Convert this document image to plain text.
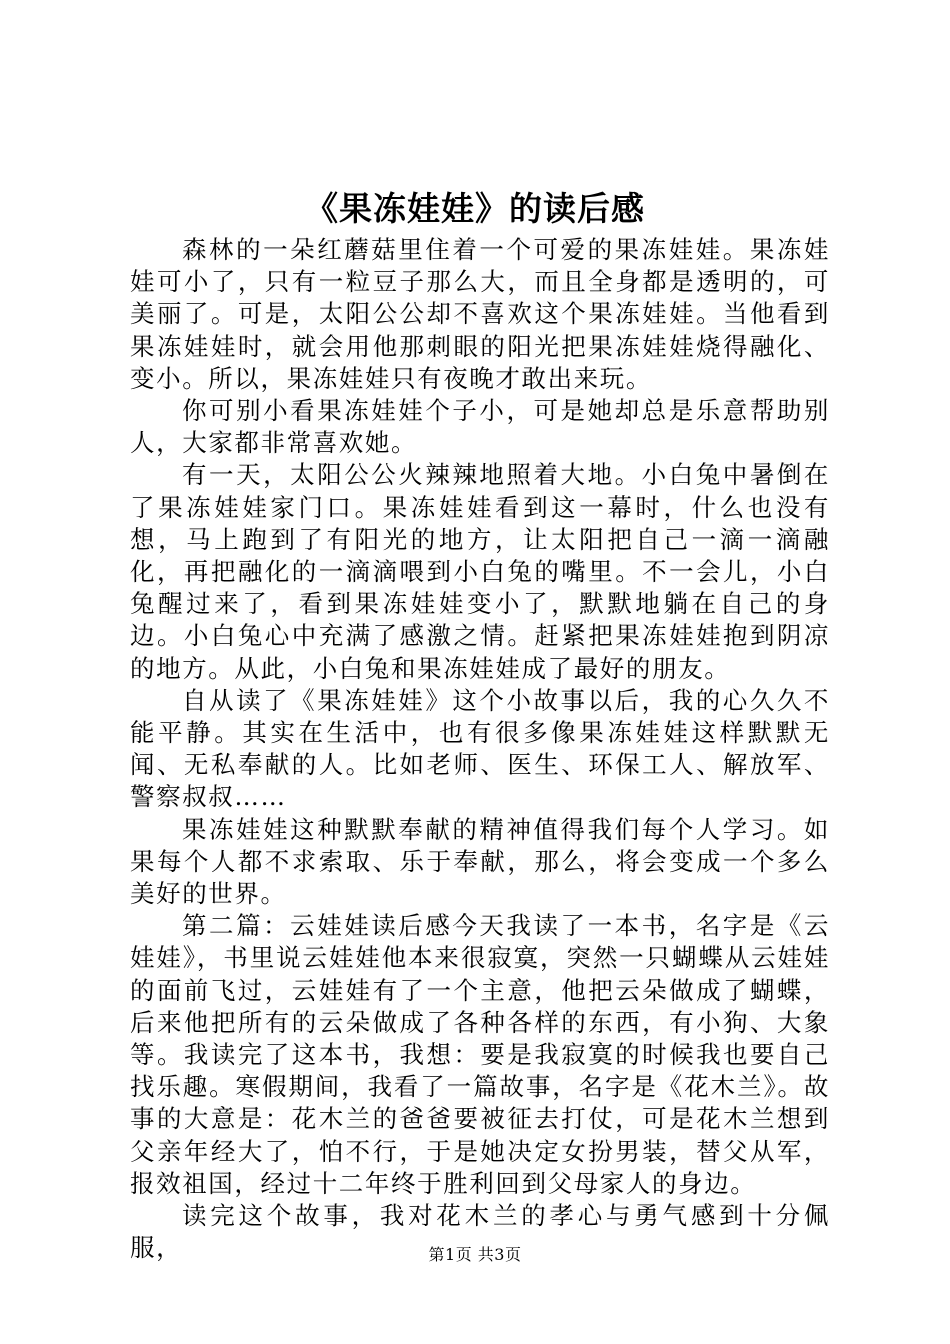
《果冻娃娃》的读后感

森林的一朵红蘑菇里住着一个可爱的果冻娃娃。果冻娃娃可小了，只有一粒豆子那么大，而且全身都是透明的，可美丽了。可是，太阳公公却不喜欢这个果冻娃娃。当他看到果冻娃娃时，就会用他那刺眼的阳光把果冻娃娃烧得融化、变小。所以，果冻娃娃只有夜晚才敢出来玩。

你可别小看果冻娃娃个子小，可是她却总是乐意帮助别人，大家都非常喜欢她。

有一天，太阳公公火辣辣地照着大地。小白兔中暑倒在了果冻娃娃家门口。果冻娃娃看到这一幕时，什么也没有想，马上跑到了有阳光的地方，让太阳把自己一滴一滴融化，再把融化的一滴滴喂到小白兔的嘴里。不一会儿，小白兔醒过来了，看到果冻娃娃变小了，默默地躺在自己的身边。小白兔心中充满了感激之情。赶紧把果冻娃娃抱到阴凉的地方。从此，小白兔和果冻娃娃成了最好的朋友。

自从读了《果冻娃娃》这个小故事以后，我的心久久不能平静。其实在生活中，也有很多像果冻娃娃这样默默无闻、无私奉献的人。比如老师、医生、环保工人、解放军、警察叔叔……

果冻娃娃这种默默奉献的精神值得我们每个人学习。如果每个人都不求索取、乐于奉献，那么，将会变成一个多么美好的世界。

第二篇：云娃娃读后感今天我读了一本书，名字是《云娃娃》，书里说云娃娃他本来很寂寞，突然一只蝴蝶从云娃娃的面前飞过，云娃娃有了一个主意，他把云朵做成了蝴蝶，后来他把所有的云朵做成了各种各样的东西，有小狗、大象等。我读完了这本书，我想：要是我寂寞的时候我也要自己找乐趣。寒假期间，我看了一篇故事，名字是《花木兰》。故事的大意是：花木兰的爸爸要被征去打仗，可是花木兰想到父亲年经大了，怕不行，于是她决定女扮男装，替父从军，报效祖国，经过十二年终于胜利回到父母家人的身边。

读完这个故事，我对花木兰的孝心与勇气感到十分佩服，	第1页 共3页
